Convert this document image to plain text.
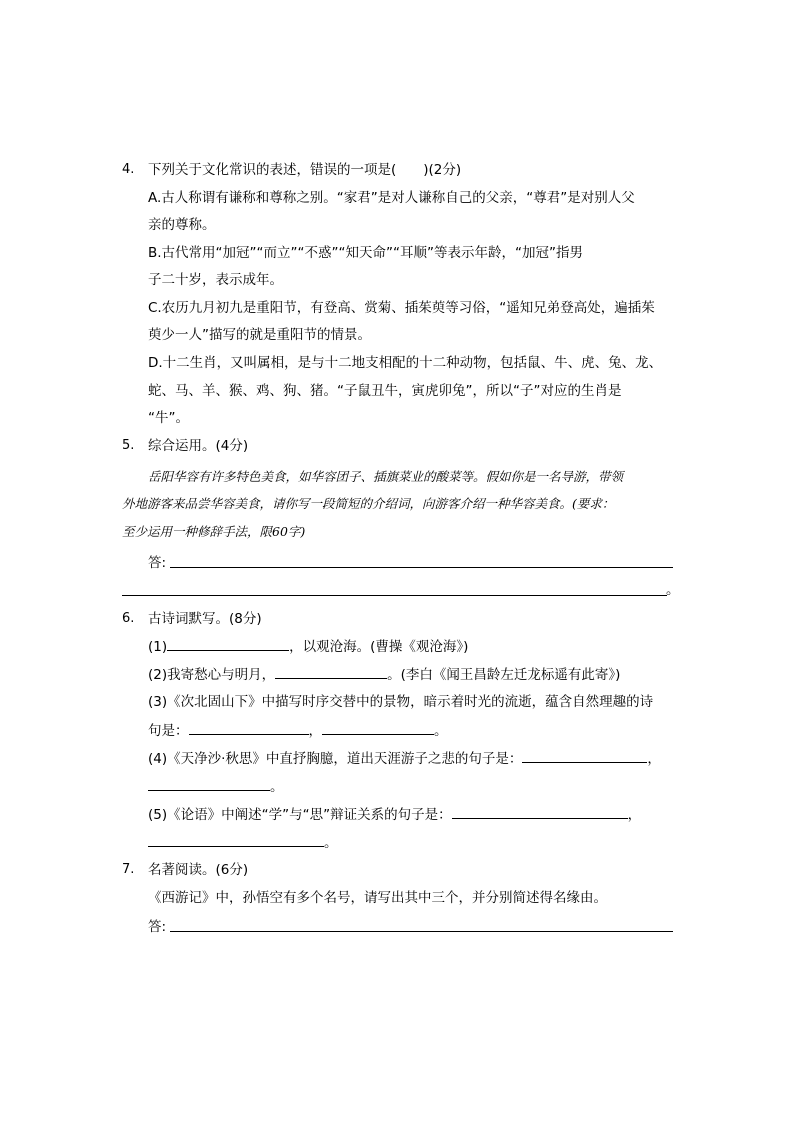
4. 下列关于文化常识的表述，错误的一项是(　　)(2分)
A.古人称谓有谦称和尊称之别。“家君”是对人谦称自己的父亲，“尊君”是对别人父
亲的尊称。
B.古代常用“加冠”“而立”“不惑”“知天命”“耳顺”等表示年龄，“加冠”指男
子二十岁，表示成年。
C.农历九月初九是重阳节，有登高、赏菊、插茱萸等习俗，“遥知兄弟登高处，遍插茱
萸少一人”描写的就是重阳节的情景。
D.十二生肖，又叫属相，是与十二地支相配的十二种动物，包括鼠、牛、虎、兔、龙、
蛇、马、羊、猴、鸡、狗、猪。“子鼠丑牛，寅虎卯兔”，所以“子”对应的生肖是
“牛”。
5. 综合运用。(4分)
岳阳华容有许多特色美食，如华容团子、插旗菜业的酸菜等。假如你是一名导游，带领
外地游客来品尝华容美食，请你写一段简短的介绍词，向游客介绍一种华容美食。(要求：
至少运用一种修辞手法，限60字)
答:
。
6. 古诗词默写。(8分)
(1)	，以观沧海。(曹操《观沧海》)
(2)我寄愁心与明月，	。(李白《闻王昌龄左迁龙标遥有此寄》)
(3)《次北固山下》中描写时序交替中的景物，暗示着时光的流逝，蕴含自然理趣的诗
句是：	，	。
(4)《天净沙·秋思》中直抒胸臆，道出天涯游子之悲的句子是：	，
。
(5)《论语》中阐述“学”与“思”辩证关系的句子是：	，
。
7. 名著阅读。(6分)
《西游记》中，孙悟空有多个名号，请写出其中三个，并分别简述得名缘由。
答:
